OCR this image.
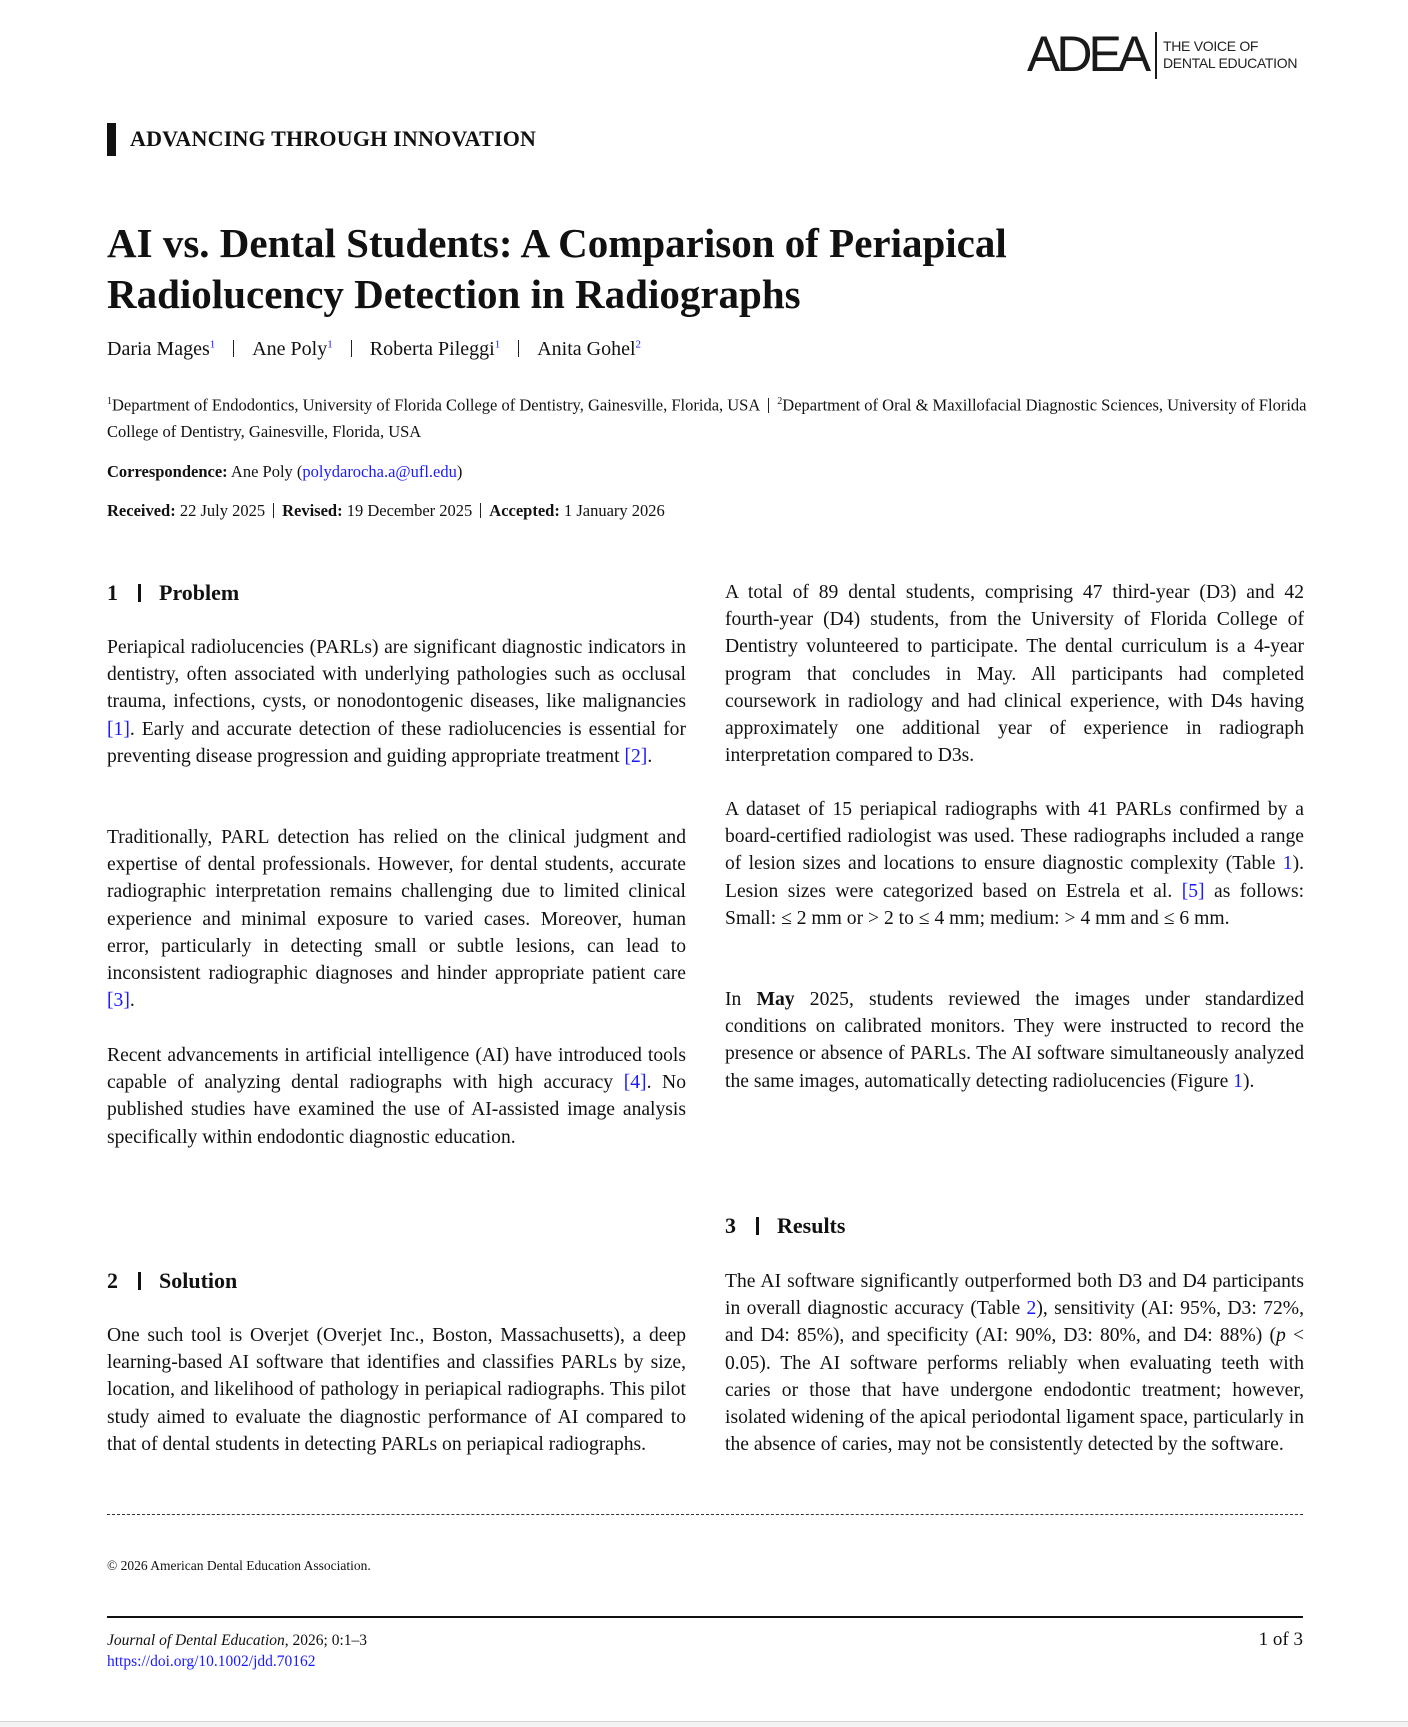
ADEA THE VOICE OF
DENTAL EDUCATION
ADVANCING THROUGH INNOVATION
AI vs. Dental Students: A Comparison of Periapical
Radiolucency Detection in Radiographs
Daria Mages$^1$ Ane Poly$^1$ Roberta Pileggi$^1$ Anita Gohel$^2$
$^1$Department of Endodontics, University of Florida College of Dentistry, Gainesville, Florida, USA $^2$Department of Oral & Maxillofacial Diagnostic Sciences, University of Florida College of Dentistry, Gainesville, Florida, USA
Correspondence: Ane Poly (polydarocha.a@ufl.edu)
Received: 22 July 2025 Revised: 19 December 2025 Accepted: 1 January 2026
1 Problem
Periapical radiolucencies (PARLs) are significant diagnostic indicators in dentistry, often associated with underlying pathologies such as occlusal trauma, infections, cysts, or nonodontogenic diseases, like malignancies [1]. Early and accurate detection of these radiolucencies is essential for preventing disease progression and guiding appropriate treatment [2].
Traditionally, PARL detection has relied on the clinical judgment and expertise of dental professionals. However, for dental students, accurate radiographic interpretation remains challenging due to limited clinical experience and minimal exposure to varied cases. Moreover, human error, particularly in detecting small or subtle lesions, can lead to inconsistent radiographic diagnoses and hinder appropriate patient care [3].
Recent advancements in artificial intelligence (AI) have introduced tools capable of analyzing dental radiographs with high accuracy [4]. No published studies have examined the use of AI-assisted image analysis specifically within endodontic diagnostic education.
2 Solution
One such tool is Overjet (Overjet Inc., Boston, Massachusetts), a deep learning-based AI software that identifies and classifies PARLs by size, location, and likelihood of pathology in periapical radiographs. This pilot study aimed to evaluate the diagnostic performance of AI compared to that of dental students in detecting PARLs on periapical radiographs.
A total of 89 dental students, comprising 47 third-year (D3) and 42 fourth-year (D4) students, from the University of Florida College of Dentistry volunteered to participate. The dental curriculum is a 4-year program that concludes in May. All participants had completed coursework in radiology and had clinical experience, with D4s having approximately one additional year of experience in radiograph interpretation compared to D3s.
A dataset of 15 periapical radiographs with 41 PARLs confirmed by a board-certified radiologist was used. These radiographs included a range of lesion sizes and locations to ensure diagnostic complexity (Table 1). Lesion sizes were categorized based on Estrela et al. [5] as follows: Small: ≤ 2 mm or > 2 to ≤ 4 mm; medium: > 4 mm and ≤ 6 mm.
In May 2025, students reviewed the images under standardized conditions on calibrated monitors. They were instructed to record the presence or absence of PARLs. The AI software simultaneously analyzed the same images, automatically detecting radiolucencies (Figure 1).
3 Results
The AI software significantly outperformed both D3 and D4 participants in overall diagnostic accuracy (Table 2), sensitivity (AI: 95%, D3: 72%, and D4: 85%), and specificity (AI: 90%, D3: 80%, and D4: 88%) (p < 0.05). The AI software performs reliably when evaluating teeth with caries or those that have undergone endodontic treatment; however, isolated widening of the apical periodontal ligament space, particularly in the absence of caries, may not be consistently detected by the software.
© 2026 American Dental Education Association.
Journal of Dental Education, 2026; 0:1–3
https://doi.org/10.1002/jdd.70162
1 of 3
